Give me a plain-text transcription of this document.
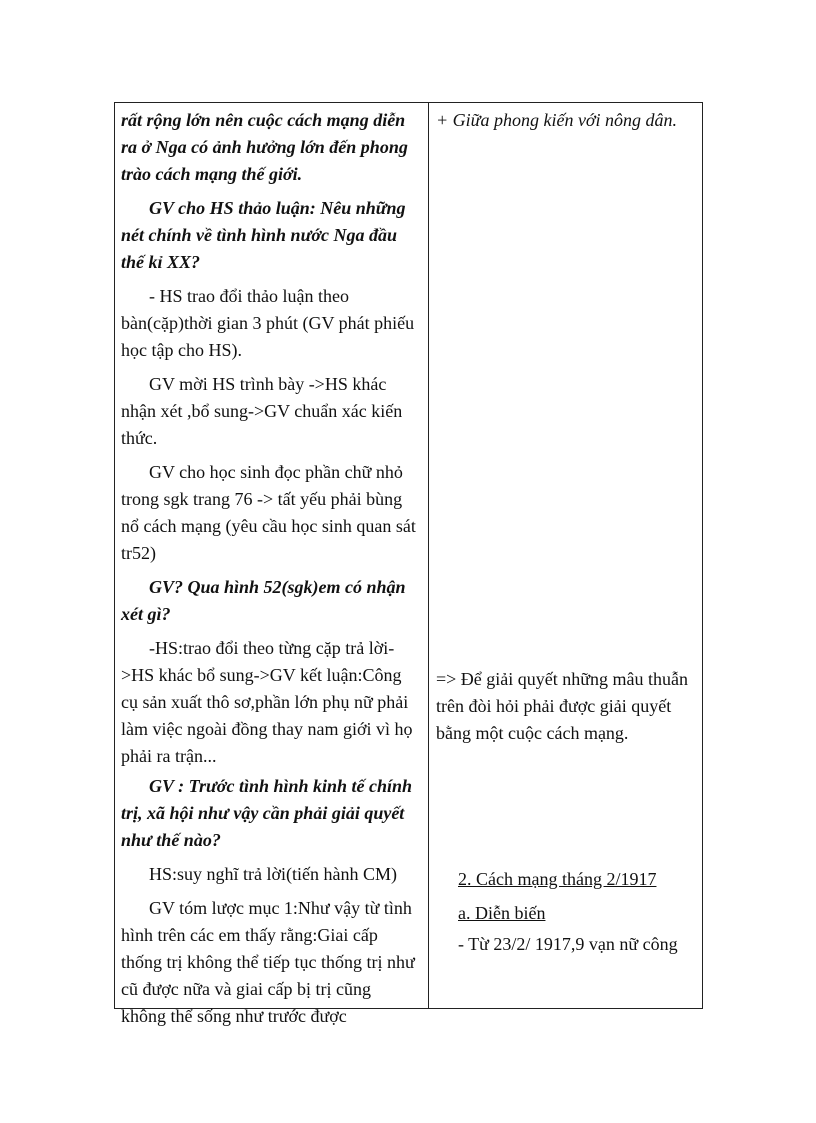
rất rộng lớn nên cuộc cách mạng diễn ra ở Nga có ảnh hưởng lớn đến phong trào cách mạng thế giới.

GV cho HS thảo luận: Nêu những nét chính về tình hình nước Nga đầu thế kỉ XX?

- HS trao đổi thảo luận theo bàn(cặp)thời gian 3 phút (GV phát phiếu học tập cho HS).

GV mời HS trình bày ->HS khác nhận xét ,bổ sung->GV chuẩn xác kiến thức.

GV cho học sinh đọc phần chữ nhỏ trong sgk trang 76 -> tất yếu phải bùng nổ cách mạng (yêu cầu học sinh quan sát tr52)

GV? Qua hình 52(sgk)em có nhận xét gì?

-HS:trao đổi theo từng cặp trả lời->HS khác bổ sung->GV kết luận:Công cụ sản xuất thô sơ,phần lớn phụ nữ phải làm việc ngoài đồng thay nam giới vì họ phải ra trận...

GV : Trước tình hình kinh tế chính trị, xã hội như vậy cần phải giải quyết như thế nào?

HS:suy nghĩ trả lời(tiến hành CM)

GV tóm lược mục 1:Như vậy từ tình hình trên các em thấy rằng:Giai cấp thống trị không thể tiếp tục thống trị như cũ được nữa và giai cấp bị trị cũng không thể sống như trước được

+ Giữa phong kiến với nông dân.

=> Để giải quyết những mâu thuẫn trên đòi hỏi phải được giải quyết bằng một cuộc cách mạng.

2. Cách mạng tháng 2/1917

a. Diễn biến

- Từ 23/2/ 1917,9 vạn nữ công
